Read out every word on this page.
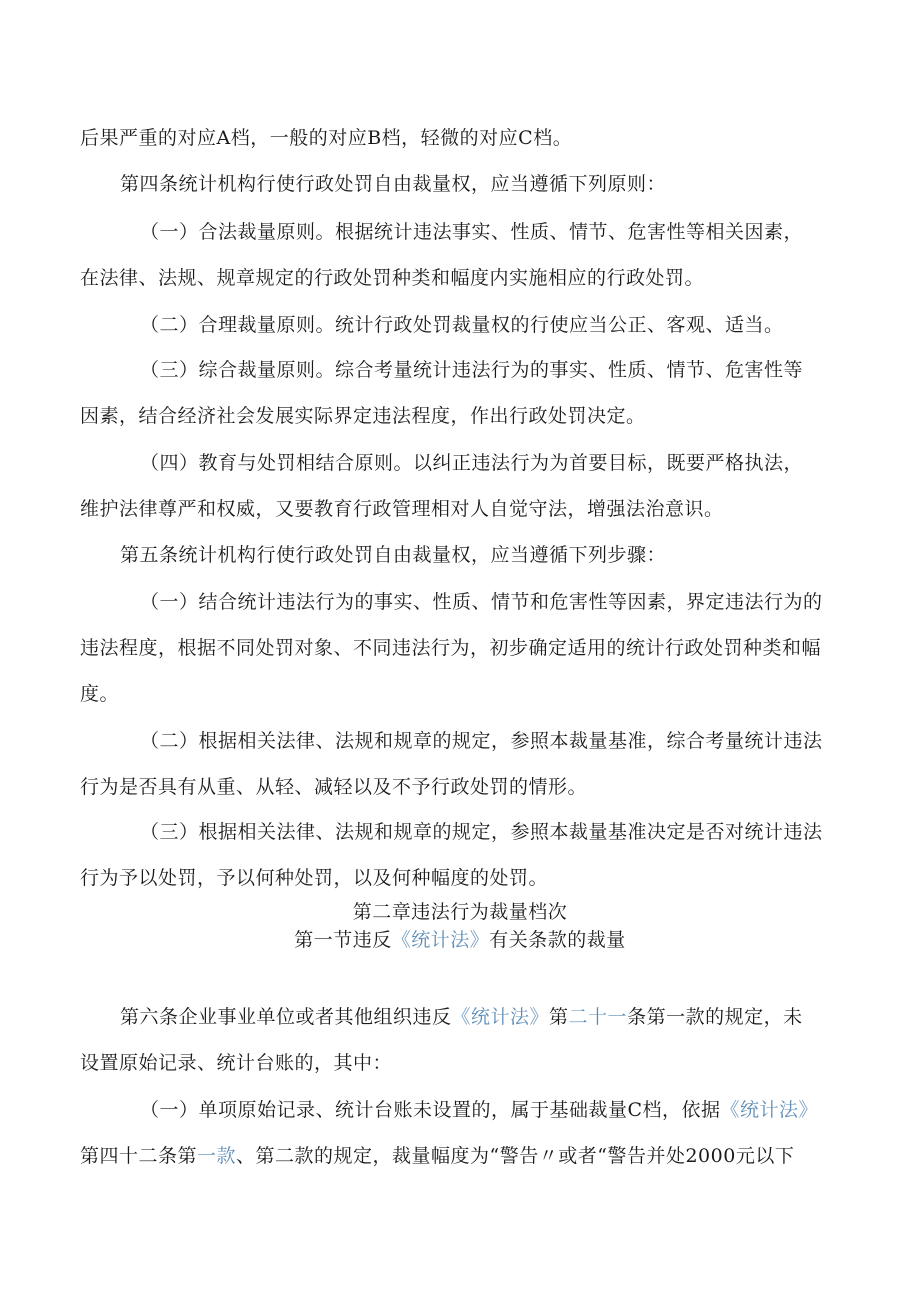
后果严重的对应A档，一般的对应B档，轻微的对应C档。
第四条统计机构行使行政处罚自由裁量权，应当遵循下列原则：
（一）合法裁量原则。根据统计违法事实、性质、情节、危害性等相关因素，
在法律、法规、规章规定的行政处罚种类和幅度内实施相应的行政处罚。
（二）合理裁量原则。统计行政处罚裁量权的行使应当公正、客观、适当。
（三）综合裁量原则。综合考量统计违法行为的事实、性质、情节、危害性等
因素，结合经济社会发展实际界定违法程度，作出行政处罚决定。
（四）教育与处罚相结合原则。以纠正违法行为为首要目标，既要严格执法，
维护法律尊严和权威，又要教育行政管理相对人自觉守法，增强法治意识。
第五条统计机构行使行政处罚自由裁量权，应当遵循下列步骤：
（一）结合统计违法行为的事实、性质、情节和危害性等因素，界定违法行为的
违法程度，根据不同处罚对象、不同违法行为，初步确定适用的统计行政处罚种类和幅
度。
（二）根据相关法律、法规和规章的规定，参照本裁量基准，综合考量统计违法
行为是否具有从重、从轻、减轻以及不予行政处罚的情形。
（三）根据相关法律、法规和规章的规定，参照本裁量基准决定是否对统计违法
行为予以处罚，予以何种处罚，以及何种幅度的处罚。
第二章违法行为裁量档次
第一节违反《统计法》有关条款的裁量
第六条企业事业单位或者其他组织违反《统计法》第二十一条第一款的规定，未
设置原始记录、统计台账的，其中：
（一）单项原始记录、统计台账未设置的，属于基础裁量C档，依据《统计法》
第四十二条第一款、第二款的规定，裁量幅度为“警告〃或者“警告并处2000元以下
